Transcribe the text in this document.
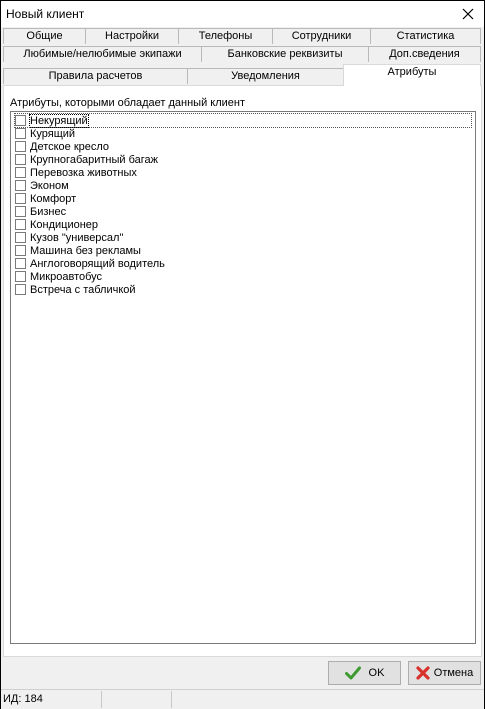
Новый клиент
Общие	Настройки	Телефоны	Сотрудники	Статистика
Любимые/нелюбимые экипажи	Банковские реквизиты	Доп.сведения
Правила расчетов	Уведомления	Атрибуты
Атрибуты, которыми обладает данный клиент
Некурящий
Курящий
Детское кресло
Крупногабаритный багаж
Перевозка животных
Эконом
Комфорт
Бизнес
Кондиционер
Кузов "универсал"
Машина без рекламы
Англоговорящий водитель
Микроавтобус
Встреча с табличкой
OK	Отмена
ИД: 184
